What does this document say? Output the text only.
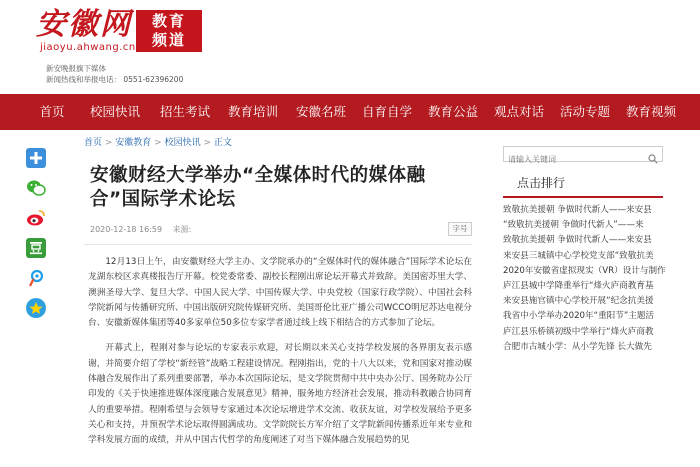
安徽网
jiaoyu.ahwang.cn
教育
频道
新安晚报旗下媒体
新闻热线和举报电话： 0551-62396200
首页	校园快讯	招生考试	教育培训	安徽名班	自育自学	教育公益	观点对话	活动专题	教育视频
首页 > 安徽教育 > 校园快讯 > 正文
安徽财经大学举办“全媒体时代的媒体融合”国际学术论坛
2020-12-18 16:59 来源:	字号

12月13日上午，由安徽财经大学主办、文学院承办的“全媒体时代的媒体融合”国际学术论坛在龙湖东校区求真楼报告厅开幕。校党委常委、副校长程刚出席论坛开幕式并致辞。美国密苏里大学、澳洲圣母大学、复旦大学、中国人民大学、中国传媒大学、中央党校（国家行政学院）、中国社会科学院新闻与传播研究所、中国出版研究院传媒研究所、美国哥伦比亚广播公司WCCO明尼苏达电视分台、安徽新媒体集团等40多家单位50多位专家学者通过线上线下相结合的方式参加了论坛。

开幕式上，程刚对参与论坛的专家表示欢迎，对长期以来关心支持学校发展的各界朋友表示感谢，并简要介绍了学校“新经管”战略工程建设情况。程刚指出，党的十八大以来，党和国家对推动媒体融合发展作出了系列重要部署，举办本次国际论坛，是文学院贯彻中共中央办公厅、国务院办公厅印发的《关于快速推进媒体深度融合发展意见》精神，服务地方经济社会发展，推动科教融合协同育人的重要举措。程刚希望与会领导专家通过本次论坛增进学术交流、收获友谊，对学校发展给予更多关心和支持，并预祝学术论坛取得圆满成功。文学院院长方军介绍了文学院新闻传播系近年来专业和学科发展方面的成绩，并从中国古代哲学的角度阐述了对当下媒体融合发展趋势的见

请输入关键词
点击排行
致敬抗美援朝 争做时代新人——来安县
“致敬抗美援朝 争做时代新人”——来
致敬抗美援朝 争做时代新人——来安县
来安县三城镇中心学校党支部“致敬抗美
2020年安徽省虚拟现实（VR）设计与制作
庐江县城中学降重举行“烽火庐商教育基
来安县施官镇中心学校开展“纪念抗美援
我省中小学举办2020年“重阳节”主题活
庐江县乐桥镇初级中学举行“烽火庐商教
合肥市古城小学：从小学先锋 长大做先
